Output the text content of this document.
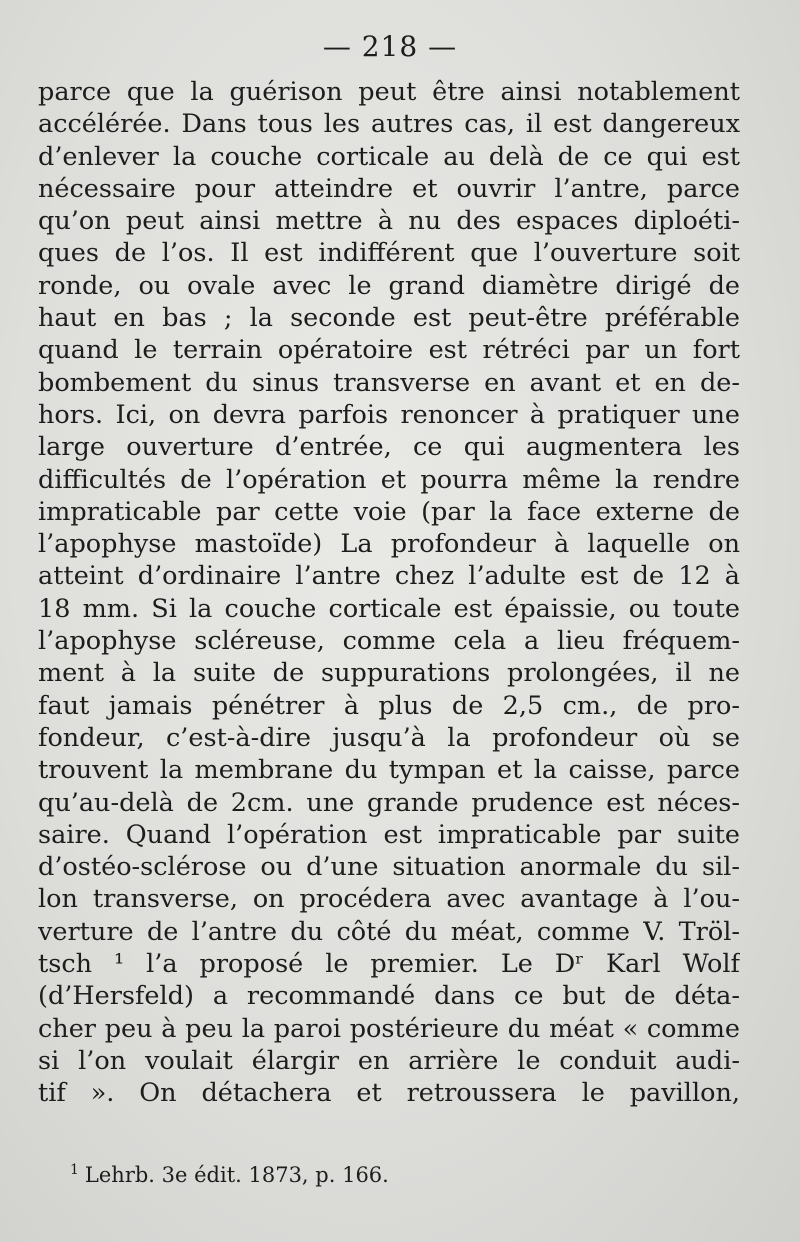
— 218 —
parce que la guérison peut être ainsi notablement
accélérée. Dans tous les autres cas, il est dangereux
d’enlever la couche corticale au delà de ce qui est
nécessaire pour atteindre et ouvrir l’antre, parce
qu’on peut ainsi mettre à nu des espaces diploéti-
ques de l’os. Il est indifférent que l’ouverture soit
ronde, ou ovale avec le grand diamètre dirigé de
haut en bas ; la seconde est peut-être préférable
quand le terrain opératoire est rétréci par un fort
bombement du sinus transverse en avant et en de-
hors. Ici, on devra parfois renoncer à pratiquer une
large ouverture d’entrée, ce qui augmentera les
difficultés de l’opération et pourra même la rendre
impraticable par cette voie (par la face externe de
l’apophyse mastoïde) La profondeur à laquelle on
atteint d’ordinaire l’antre chez l’adulte est de 12 à
18 mm. Si la couche corticale est épaissie, ou toute
l’apophyse scléreuse, comme cela a lieu fréquem-
ment à la suite de suppurations prolongées, il ne
faut jamais pénétrer à plus de 2,5 cm., de pro-
fondeur, c’est-à-dire jusqu’à la profondeur où se
trouvent la membrane du tympan et la caisse, parce
qu’au-delà de 2cm. une grande prudence est néces-
saire. Quand l’opération est impraticable par suite
d’ostéo-sclérose ou d’une situation anormale du sil-
lon transverse, on procédera avec avantage à l’ou-
verture de l’antre du côté du méat, comme V. Tröl-
tsch ¹ l’a proposé le premier. Le Dʳ Karl Wolf
(d’Hersfeld) a recommandé dans ce but de déta-
cher peu à peu la paroi postérieure du méat « comme
si l’on voulait élargir en arrière le conduit audi-
tif ». On détachera et retroussera le pavillon,
$^1$ Lehrb. 3e édit. 1873, p. 166.
